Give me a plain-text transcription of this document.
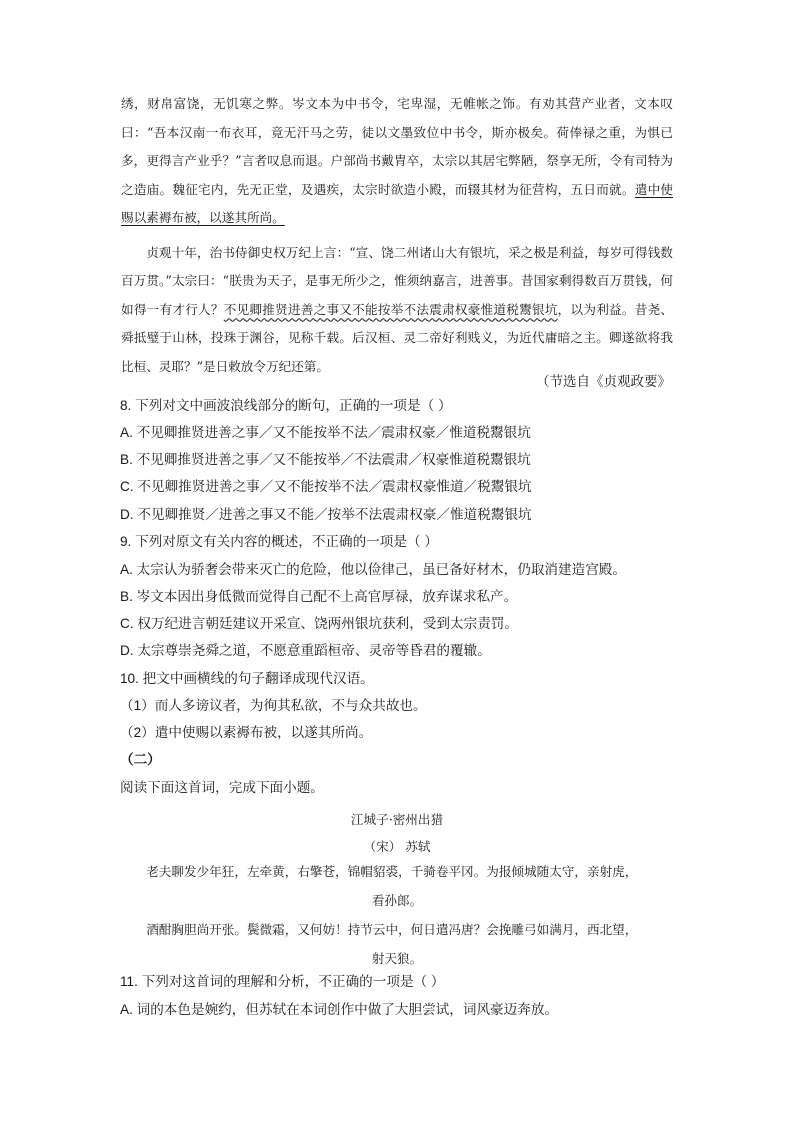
绣，财帛富饶，无饥寒之弊。岑文本为中书令，宅卑湿，无帷帐之饰。有劝其营产业者，文本叹曰：“吾本汉南一布衣耳，竟无汗马之劳，徒以文墨致位中书令，斯亦极矣。荷俸禄之重，为惧已多，更得言产业乎？”言者叹息而退。户部尚书戴胄卒，太宗以其居宅弊陋，祭享无所，令有司特为之造庙。魏征宅内，先无正堂，及遇疾，太宗时欲造小殿，而辍其材为征营构，五日而就。遣中使赐以素褥布被，以遂其所尚。

贞观十年，治书侍御史权万纪上言：“宣、饶二州诸山大有银坑，采之极是利益，每岁可得钱数百万贯。”太宗曰：“朕贵为天子，是事无所少之，惟须纳嘉言，进善事。昔国家剩得数百万贯钱，何如得一有才行人？不见卿推贤进善之事又不能按举不法震肃权豪惟道税鬻银坑，以为利益。昔尧、舜抵璧于山林，投珠于渊谷，见称千载。后汉桓、灵二帝好利贱义，为近代庸暗之主。卿遂欲将我比桓、灵耶？”是日敕放令万纪还第。

（节选自《贞观政要》
8. 下列对文中画波浪线部分的断句，正确的一项是（ ）
A. 不见卿推贤进善之事／又不能按举不法／震肃权豪／惟道税鬻银坑
B. 不见卿推贤进善之事／又不能按举／不法震肃／权豪惟道税鬻银坑
C. 不见卿推贤进善之事／又不能按举不法／震肃权豪惟道／税鬻银坑
D. 不见卿推贤／进善之事又不能／按举不法震肃权豪／惟道税鬻银坑
9. 下列对原文有关内容的概述，不正确的一项是（ ）
A. 太宗认为骄奢会带来灭亡的危险，他以俭律己，虽已备好材木，仍取消建造宫殿。
B. 岑文本因出身低微而觉得自己配不上高官厚禄，放弃谋求私产。
C. 权万纪进言朝廷建议开采宣、饶两州银坑获利，受到太宗责罚。
D. 太宗尊崇尧舜之道，不愿意重蹈桓帝、灵帝等昏君的覆辙。
10. 把文中画横线的句子翻译成现代汉语。
（1）而人多谤议者，为徇其私欲，不与众共故也。
（2）遣中使赐以素褥布被，以遂其所尚。
（二）
阅读下面这首词，完成下面小题。
江城子·密州出猎
（宋） 苏轼

老夫聊发少年狂，左牵黄，右擎苍，锦帽貂裘，千骑卷平冈。为报倾城随太守，亲射虎，

看孙郎。

酒酣胸胆尚开张。鬓微霜，又何妨！持节云中，何日遣冯唐？会挽雕弓如满月，西北望，

射天狼。

11. 下列对这首词的理解和分析，不正确的一项是（ ）
A. 词的本色是婉约，但苏轼在本词创作中做了大胆尝试，词风豪迈奔放。
